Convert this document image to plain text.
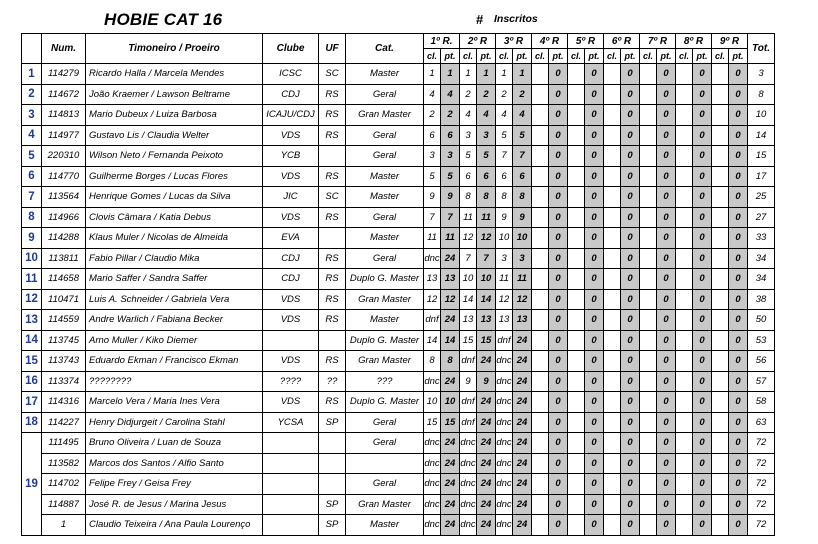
HOBIE CAT 16	# Inscritos
	Num.	Timoneiro / Proeiro	Clube	UF	Cat.	1º R.		2º R		3º R		4º R		5º R		6º R		7º R		8º R		9º R		Tot.
						cl.	pt.	cl.	pt.	cl.	pt.	cl.	pt.	cl.	pt.	cl.	pt.	cl.	pt.	cl.	pt.	cl.	pt.	
1	114279	Ricardo Halla / Marcela Mendes	ICSC	SC	Master	1	1	1	1	1	1		0		0		0		0		0		0	3
2	114672	João Kraemer / Lawson Beltrame	CDJ	RS	Geral	4	4	2	2	2	2		0		0		0		0		0		0	8
3	114813	Mario Dubeux / Luiza Barbosa	ICAJU/CDJ	RS	Gran Master	2	2	4	4	4	4		0		0		0		0		0		0	10
4	114977	Gustavo Lis / Claudia Welter	VDS	RS	Geral	6	6	3	3	5	5		0		0		0		0		0		0	14
5	220310	Wilson Neto / Fernanda Peixoto	YCB		Geral	3	3	5	5	7	7		0		0		0		0		0		0	15
6	114770	Guilherme Borges / Lucas Flores	VDS	RS	Master	5	5	6	6	6	6		0		0		0		0		0		0	17
7	113564	Henrique Gomes / Lucas da Silva	JIC	SC	Master	9	9	8	8	8	8		0		0		0		0		0		0	25
8	114966	Clovis Câmara / Katia Debus	VDS	RS	Geral	7	7	11	11	9	9		0		0		0		0		0		0	27
9	114288	Klaus Muler / Nicolas de Almeida	EVA		Master	11	11	12	12	10	10		0		0		0		0		0		0	33
10	113811	Fabio Pillar / Claudio Mika	CDJ	RS	Geral	dnc	24	7	7	3	3		0		0		0		0		0		0	34
11	114658	Mario Saffer / Sandra Saffer	CDJ	RS	Duplo G. Master	13	13	10	10	11	11		0		0		0		0		0		0	34
12	110471	Luis A. Schneider / Gabriela Vera	VDS	RS	Gran Master	12	12	14	14	12	12		0		0		0		0		0		0	38
13	114559	Andre Warlich / Fabiana Becker	VDS	RS	Master	dnf	24	13	13	13	13		0		0		0		0		0		0	50
14	113745	Arno Muller / Kiko Diemer			Duplo G. Master	14	14	15	15	dnf	24		0		0		0		0		0		0	53
15	113743	Eduardo Ekman / Francisco Ekman	VDS	RS	Gran Master	8	8	dnf	24	dnc	24		0		0		0		0		0		0	56
16	113374	????????	????	??	???	dnc	24	9	9	dnc	24		0		0		0		0		0		0	57
17	114316	Marcelo Vera / Maria Ines Vera	VDS	RS	Duplo G. Master	10	10	dnf	24	dnc	24		0		0		0		0		0		0	58
18	114227	Henry Didjurgeit / Carolina Stahl	YCSA	SP	Geral	15	15	dnf	24	dnc	24		0		0		0		0		0		0	63
19	111495	Bruno Oliveira / Luan de Souza			Geral	dnc	24	dnc	24	dnc	24		0		0		0		0		0		0	72
	113582	Marcos dos Santos / Alfio Santo				dnc	24	dnc	24	dnc	24		0		0		0		0		0		0	72
	114702	Felipe Frey / Geisa Frey			Geral	dnc	24	dnc	24	dnc	24		0		0		0		0		0		0	72
	114887	José R. de Jesus / Marina Jesus		SP	Gran Master	dnc	24	dnc	24	dnc	24		0		0		0		0		0		0	72
	1	Claudio Teixeira / Ana Paula Lourenço		SP	Master	dnc	24	dnc	24	dnc	24		0		0		0		0		0		0	72
